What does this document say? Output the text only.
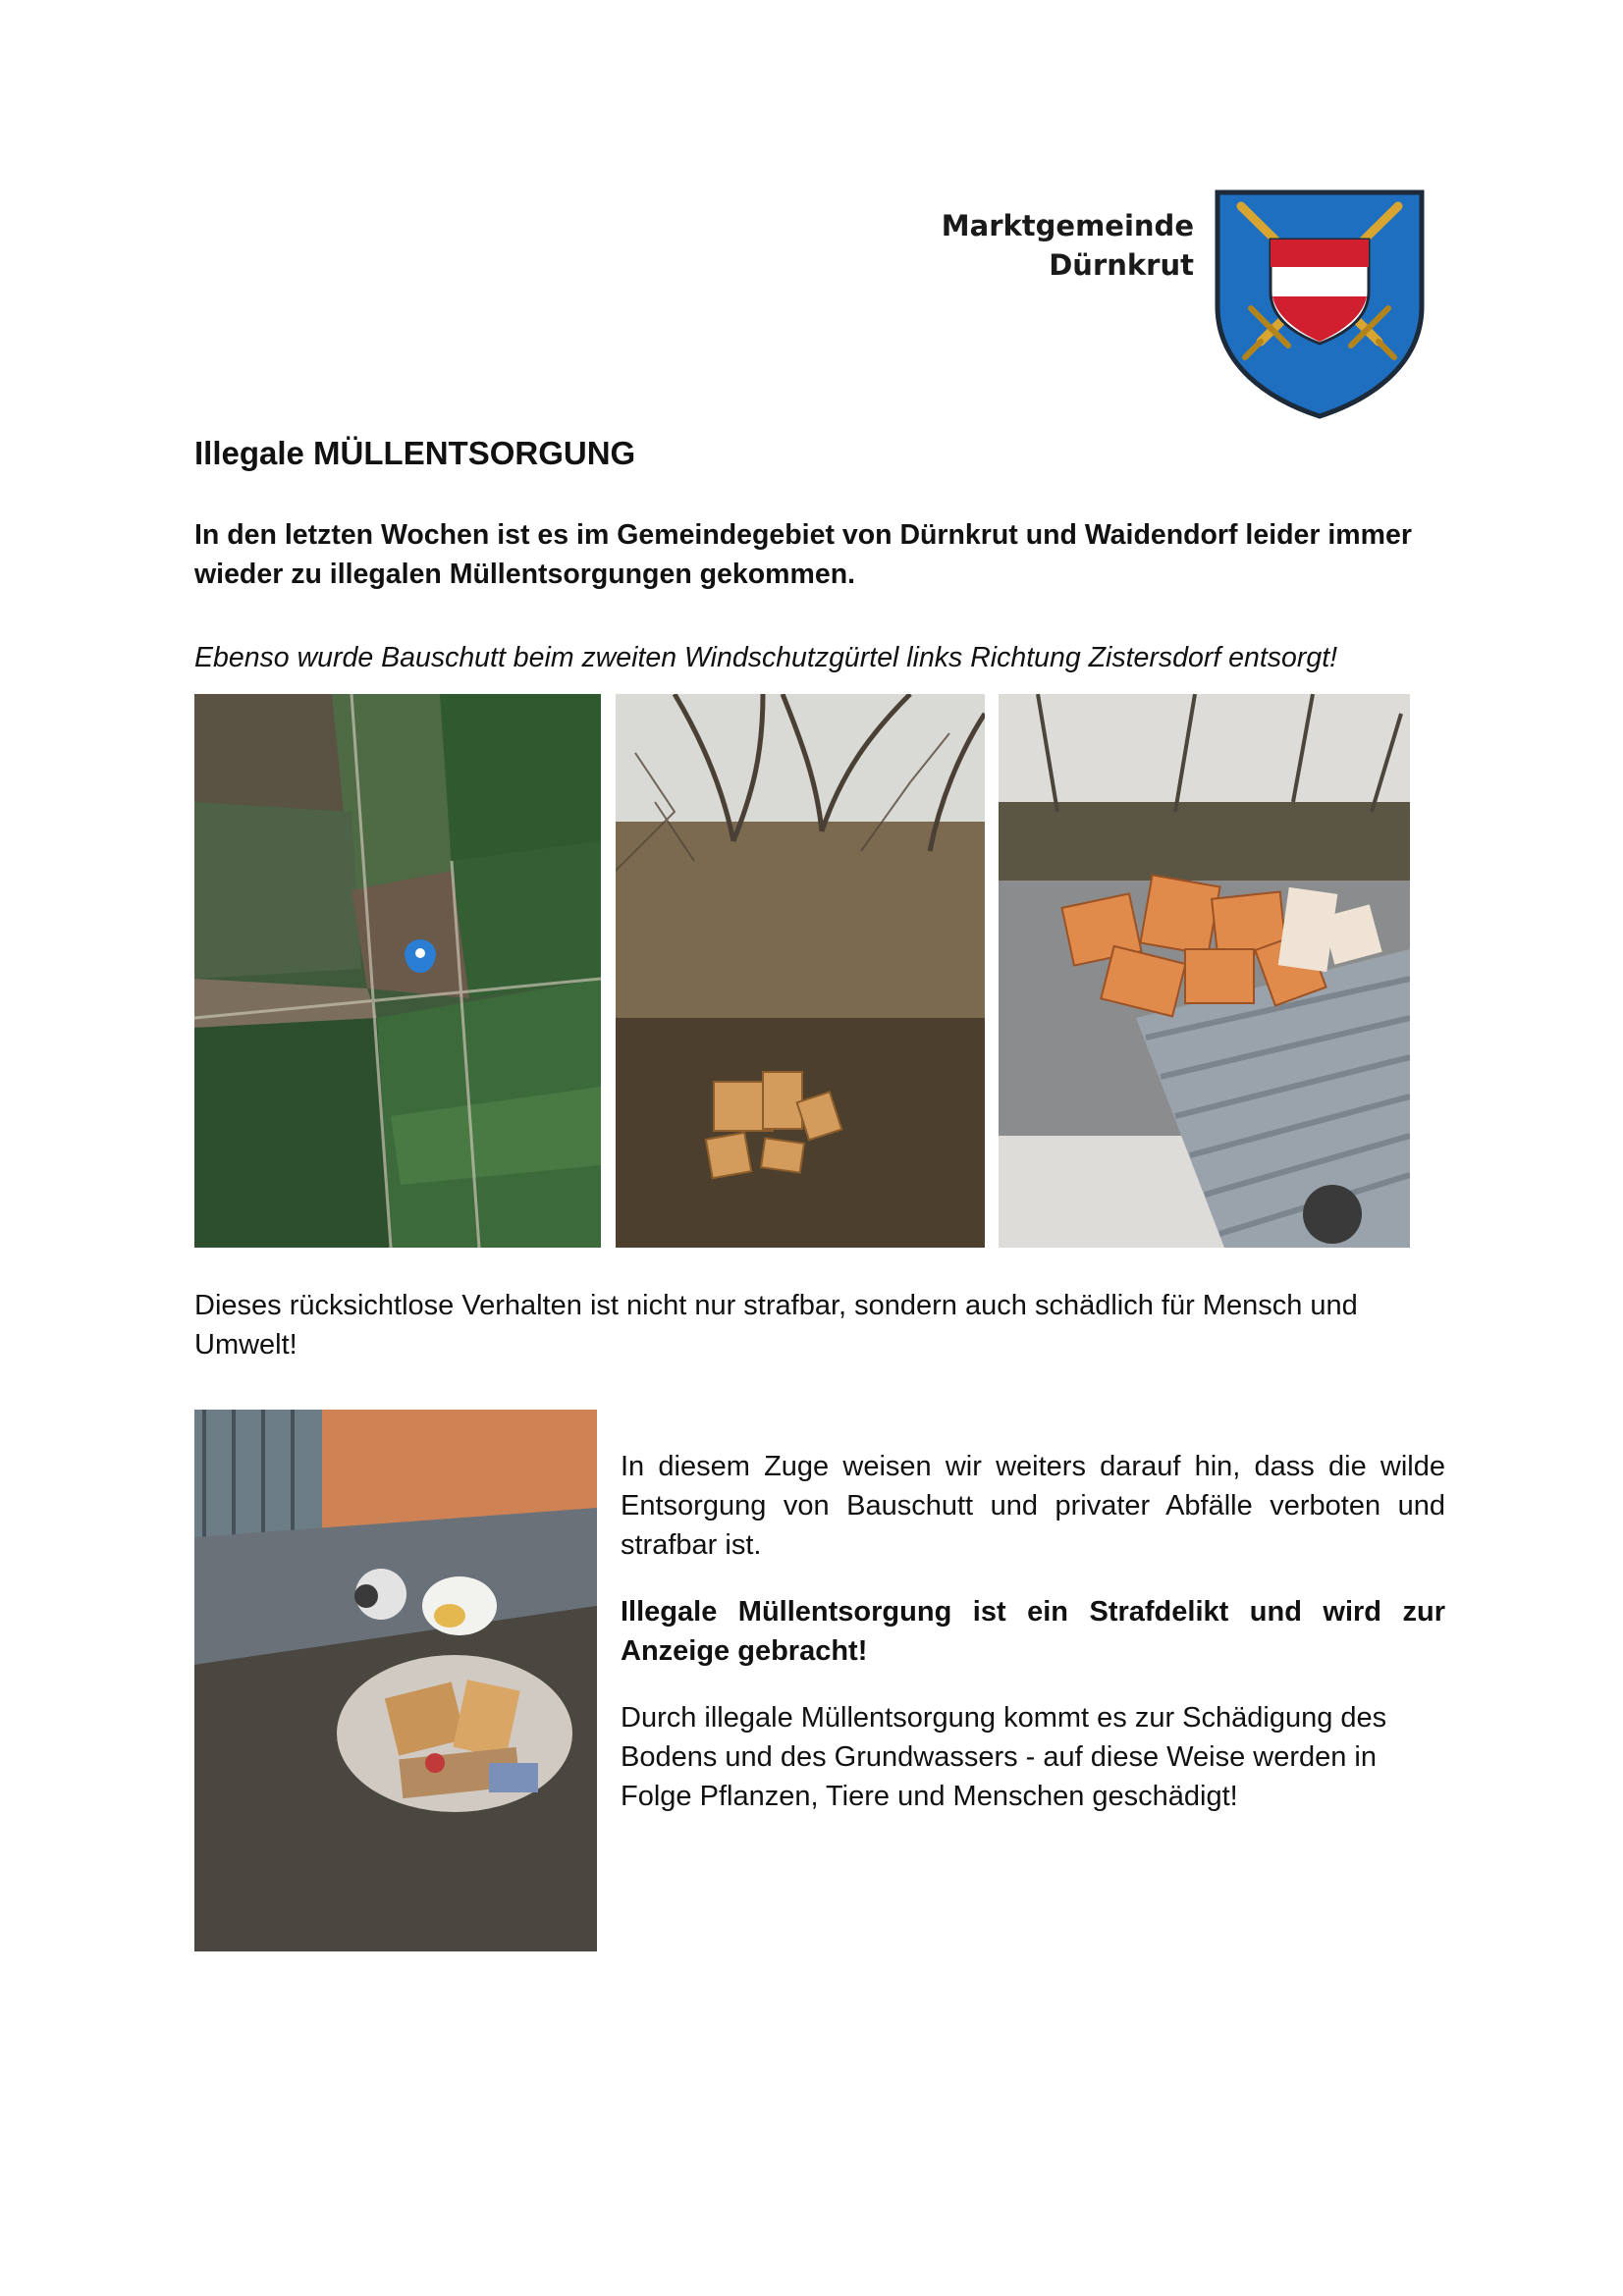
Marktgemeinde
Dürnkrut
Illegale MÜLLENTSORGUNG
In den letzten Wochen ist es im Gemeindegebiet von Dürnkrut und Waidendorf leider immer wieder zu illegalen Müllentsorgungen gekommen.
Ebenso wurde Bauschutt beim zweiten Windschutzgürtel links Richtung Zistersdorf entsorgt!
Dieses rücksichtlose Verhalten ist nicht nur strafbar, sondern auch schädlich für Mensch und Umwelt!

In diesem Zuge weisen wir weiters darauf hin, dass die wilde Entsorgung von Bauschutt und privater Abfälle verboten und strafbar ist.

Illegale Müllentsorgung ist ein Strafdelikt und wird zur Anzeige gebracht!

Durch illegale Müllentsorgung kommt es zur Schädigung des Bodens und des Grundwassers - auf diese Weise werden in Folge Pflanzen, Tiere und Menschen geschädigt!
